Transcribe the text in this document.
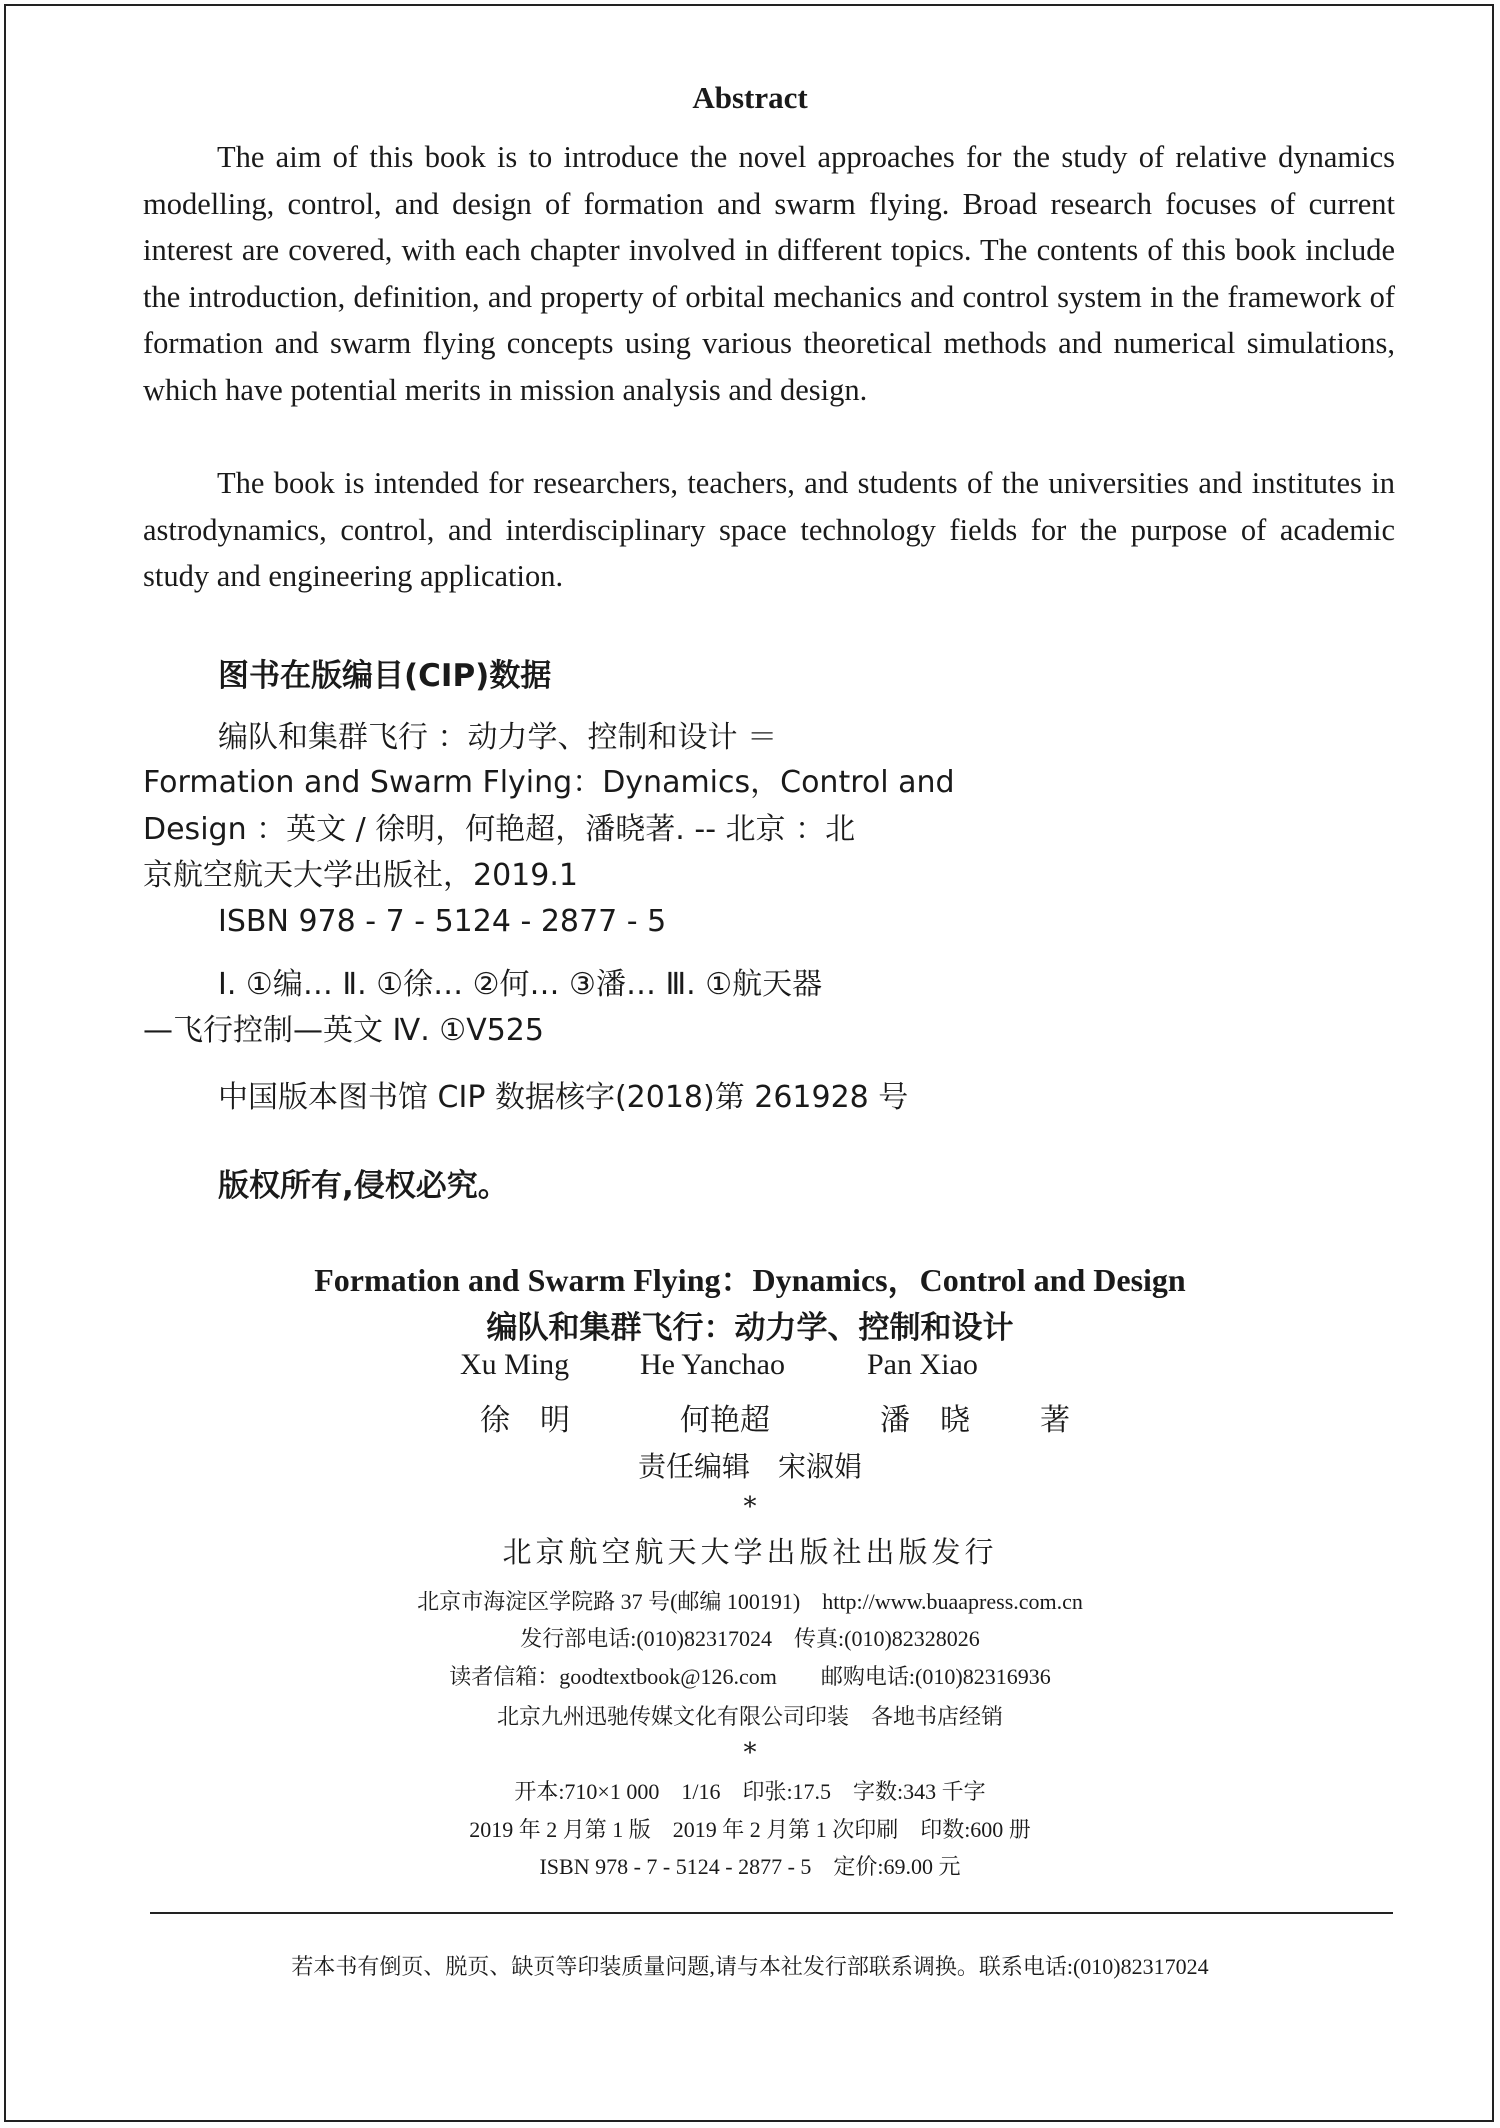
Abstract

The aim of this book is to introduce the novel approaches for the study of relative dynamics modelling, control, and design of formation and swarm flying. Broad research focuses of current interest are covered, with each chapter involved in different topics. The contents of this book include the introduction, definition, and property of orbital mechanics and control system in the framework of formation and swarm flying concepts using various theoretical methods and numerical simulations, which have potential merits in mission analysis and design.

The book is intended for researchers, teachers, and students of the universities and institutes in astrodynamics, control, and interdisciplinary space technology fields for the purpose of academic study and engineering application.

图书在版编目(CIP)数据
编队和集群飞行 ：动力学、控制和设计 ＝
Formation and Swarm Flying：Dynamics，Control and
Design ：英文 / 徐明，何艳超，潘晓著. -- 北京 ：北
京航空航天大学出版社，2019.1
ISBN 978 - 7 - 5124 - 2877 - 5
Ⅰ. ①编… Ⅱ. ①徐… ②何… ③潘… Ⅲ. ①航天器
—飞行控制—英文 Ⅳ. ①V525
中国版本图书馆 CIP 数据核字(2018)第 261928 号
版权所有,侵权必究。
Formation and Swarm Flying：Dynamics，Control and Design
编队和集群飞行：动力学、控制和设计
Xu Ming He Yanchao	Pan Xiao
徐　明	何艳超	潘　晓 著
责任编辑　宋淑娟
*
北京航空航天大学出版社出版发行
北京市海淀区学院路 37 号(邮编 100191)　http://www.buaapress.com.cn
发行部电话:(010)82317024　传真:(010)82328026
读者信箱：goodtextbook@126.com　　邮购电话:(010)82316936
北京九州迅驰传媒文化有限公司印装　各地书店经销
*
开本:710×1 000　1/16　印张:17.5　字数:343 千字
2019 年 2 月第 1 版　2019 年 2 月第 1 次印刷　印数:600 册
ISBN 978 - 7 - 5124 - 2877 - 5　定价:69.00 元
若本书有倒页、脱页、缺页等印装质量问题,请与本社发行部联系调换。联系电话:(010)82317024
